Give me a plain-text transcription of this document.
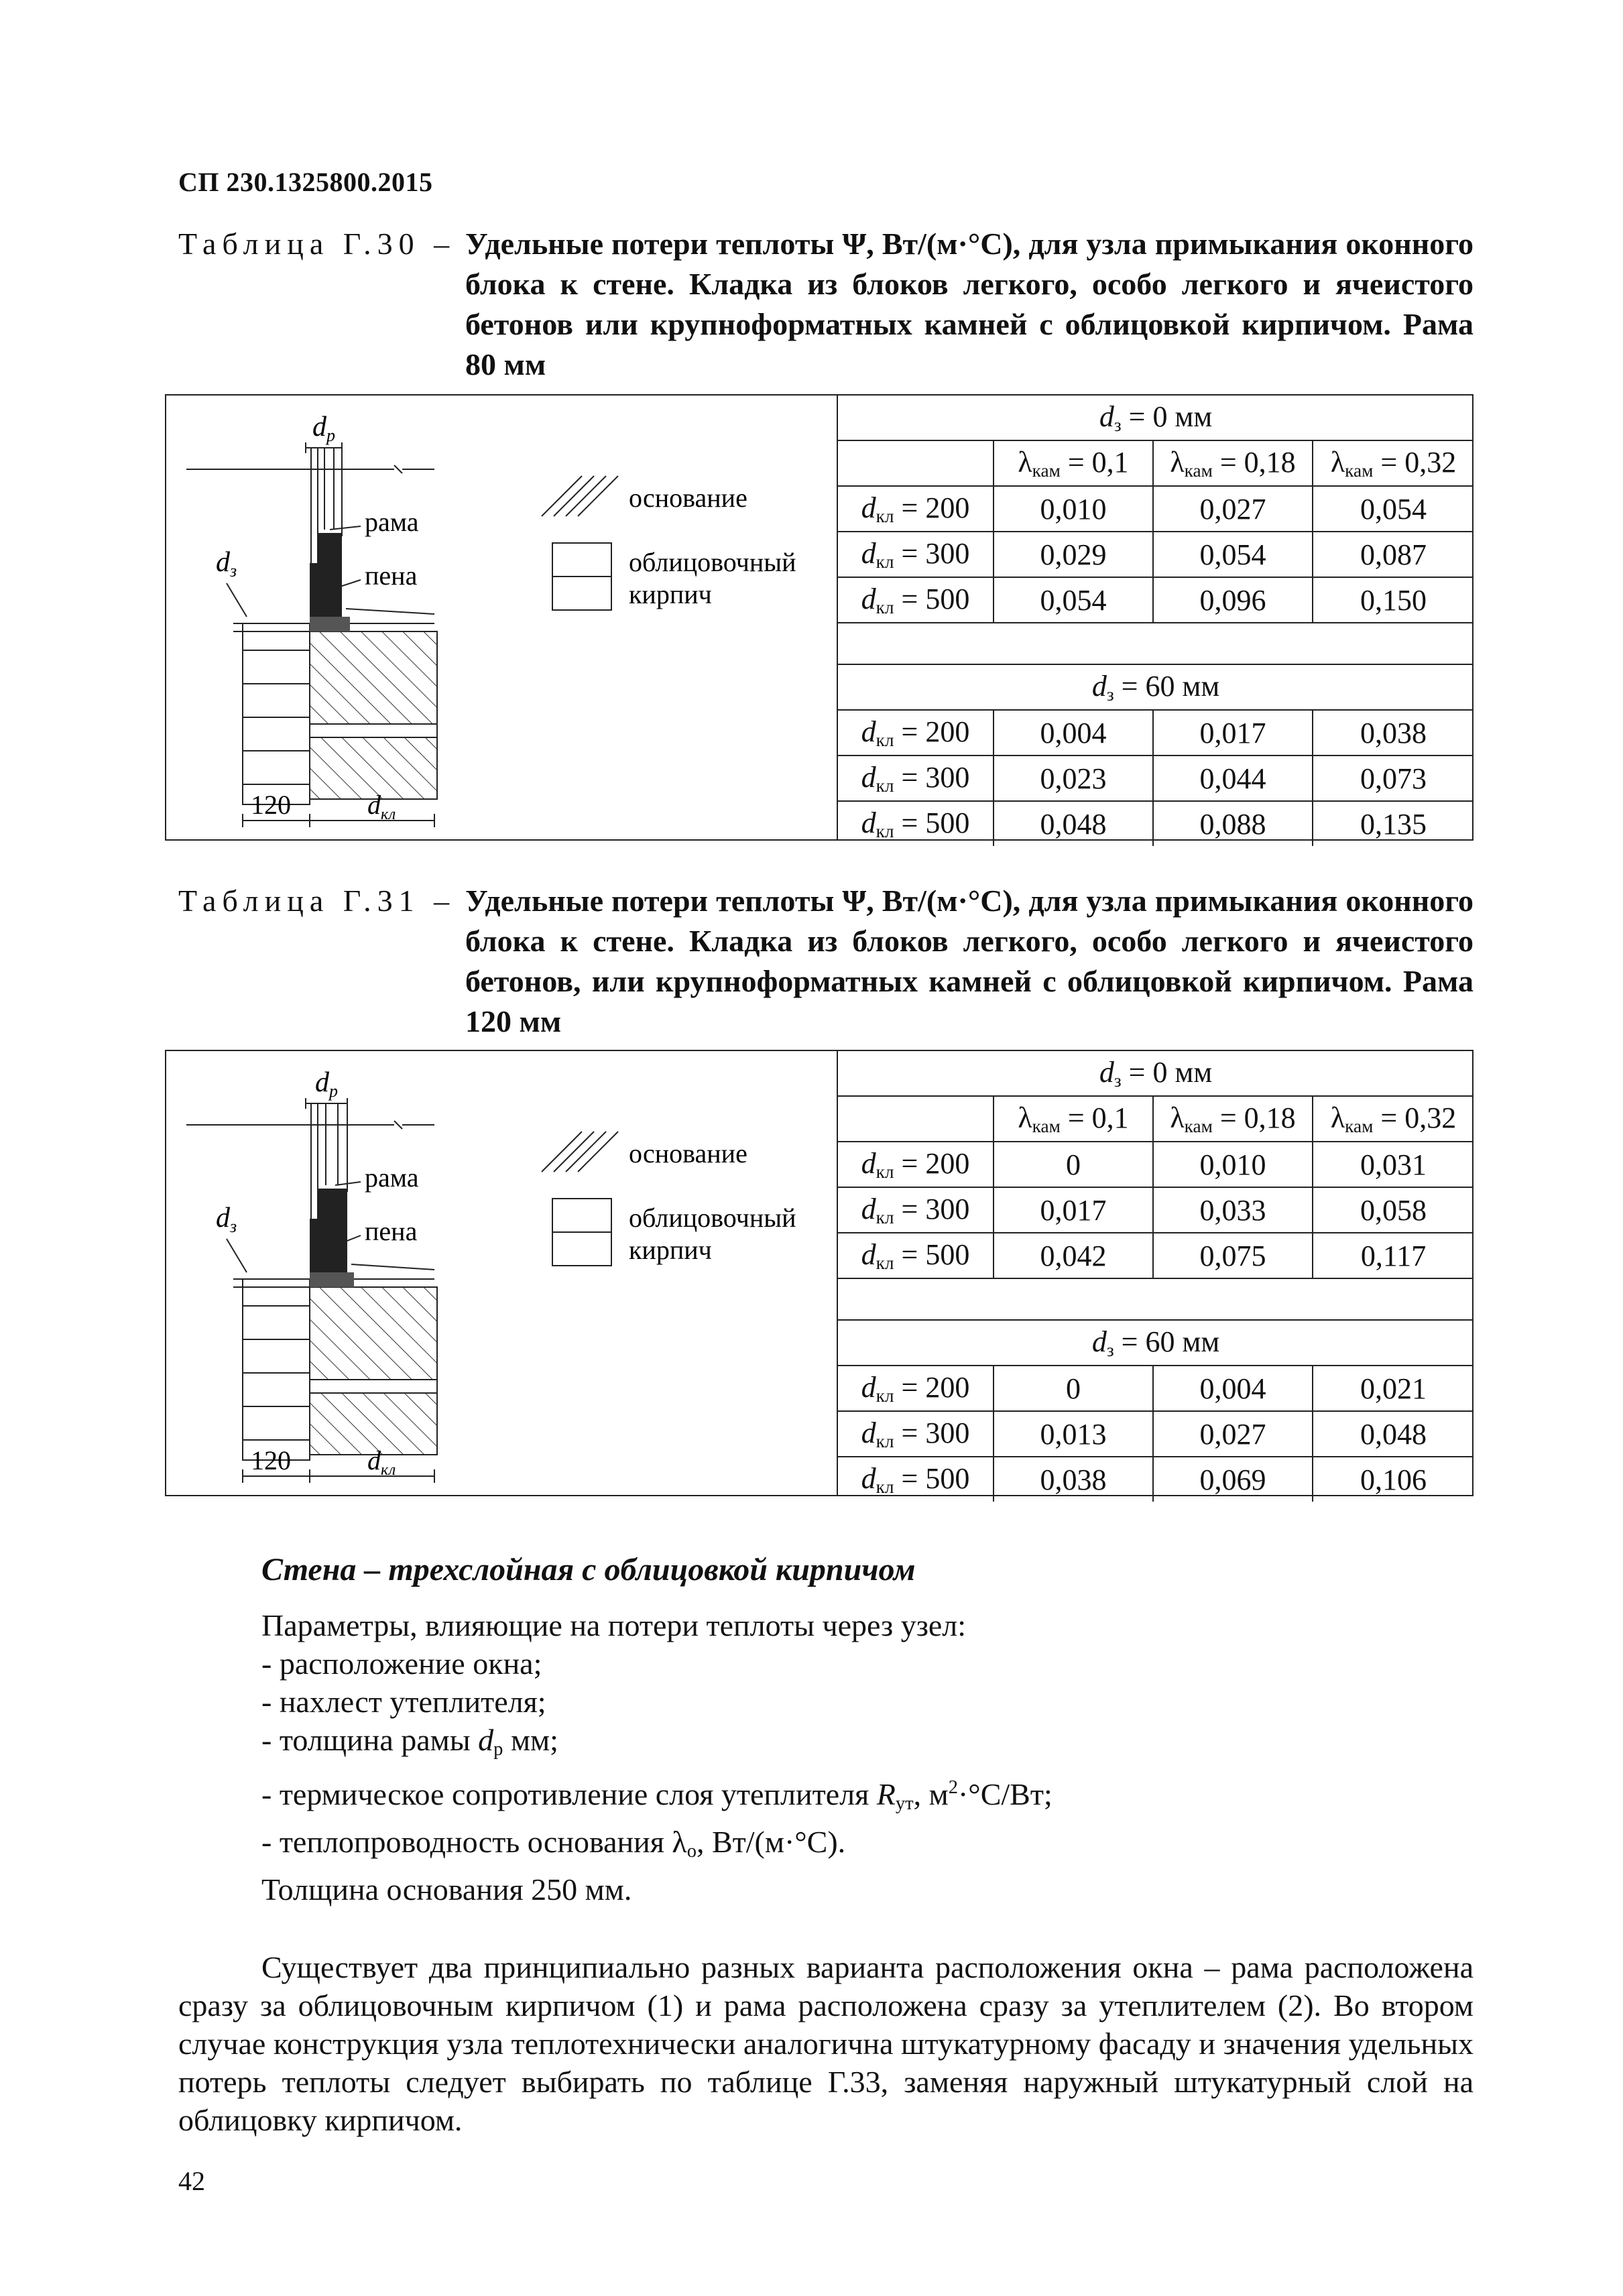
СП 230.1325800.2015
Таблица Г.30 – Удельные потери теплоты Ψ, Вт/(м·°С), для узла примыкания оконного блока к стене. Кладка из блоков легкого, особо легкого и ячеистого бетонов или крупноформатных камней с облицовкой кирпичом. Рама 80 мм
dр
dз
рама
пена
120	$d_{кл}$
основание
облицовочный
кирпич
$d_з = 0$ мм			
	$\lambda_{кам} = 0,1$	$\lambda_{кам} = 0,18$	$\lambda_{кам} = 0,32$
$d_{кл} = 200$	0,010	0,027	0,054
$d_{кл} = 300$	0,029	0,054	0,087
$d_{кл} = 500$	0,054	0,096	0,150

$d_з = 60$ мм			
$d_{кл} = 200$	0,004	0,017	0,038
$d_{кл} = 300$	0,023	0,044	0,073
$d_{кл} = 500$	0,048	0,088	0,135
Таблица Г.31 – Удельные потери теплоты Ψ, Вт/(м·°С), для узла примыкания оконного блока к стене. Кладка из блоков легкого, особо легкого и ячеистого бетонов, или крупноформатных камней с облицовкой кирпичом. Рама 120 мм
dр
dз
рама
пена
120	$d_{кл}$
основание
облицовочный
кирпич
$d_з = 0$ мм			
	$\lambda_{кам} = 0,1$	$\lambda_{кам} = 0,18$	$\lambda_{кам} = 0,32$
$d_{кл} = 200$	0	0,010	0,031
$d_{кл} = 300$	0,017	0,033	0,058
$d_{кл} = 500$	0,042	0,075	0,117

$d_з = 60$ мм			
$d_{кл} = 200$	0	0,004	0,021
$d_{кл} = 300$	0,013	0,027	0,048
$d_{кл} = 500$	0,038	0,069	0,106
Стена – трехслойная с облицовкой кирпичом
Параметры, влияющие на потери теплоты через узел:
- расположение окна;
- нахлест утеплителя;
- толщина рамы $d_р$ мм;
- термическое сопротивление слоя утеплителя $R_{ут}$, $м^2\cdot^\circ С/Вт$;
- теплопроводность основания $\lambda_о$, Вт/(м·°С).
Толщина основания 250 мм.
Существует два принципиально разных варианта расположения окна – рама расположена сразу за облицовочным кирпичом (1) и рама расположена сразу за утеплителем (2). Во втором случае конструкция узла теплотехнически аналогична штукатурному фасаду и значения удельных потерь теплоты следует выбирать по таблице Г.33, заменяя наружный штукатурный слой на облицовку кирпичом.
42
